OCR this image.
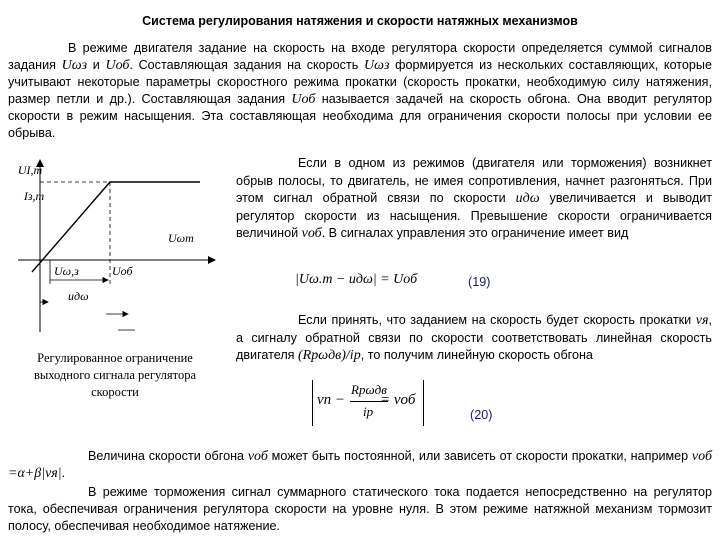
Система регулирования натяжения и скорости натяжных механизмов

В режиме двигателя задание на скорость на входе регулятора скорости определяется суммой сигналов задания Uωз и Uоб. Составляющая задания на скорость Uωз формируется из нескольких составляющих, которые учитывают некоторые параметры скоростного режима прокатки (скорость прокатки, необходимую силу натяжения, размер петли и др.). Составляющая задания Uоб называется задачей на скорость обгона. Она вводит регулятор скорости в режим насыщения. Эта составляющая необходима для ограничения скорости полосы при условии ее обрыва.

UI,т
Iз,т
Uωт
Uω,з	Uоб
uдω

Если в одном из режимов (двигателя или торможения) возникнет обрыв полосы, то двигатель, не имея сопротивления, начнет разгоняться. При этом сигнал обратной связи по скорости uдω увеличивается и выводит регулятор скорости из насыщения. Превышение скорости ограничивается величиной νоб. В сигналах управления это ограничение имеет вид

|Uω.т − uдω| = Uоб	(19)

Если принять, что заданием на скорость будет скорость прокатки νя, а сигналу обратной связи по скорости соответствовать линейная скорость двигателя (Rpωдв)/iр, то получим линейную скорость обгона

Регулированное ограничение выходного сигнала регулятора скорости	νп −
Rpωдв
iр
= νоб
(20)

Величина скорости обгона νоб может быть постоянной, или зависеть от скорости прокатки, например νоб =α+β|νя|.

В режиме торможения сигнал суммарного статического тока подается непосредственно на регулятор тока, обеспечивая ограничения регулятора скорости на уровне нуля. В этом режиме натяжной механизм тормозит полосу, обеспечивая необходимое натяжение.
